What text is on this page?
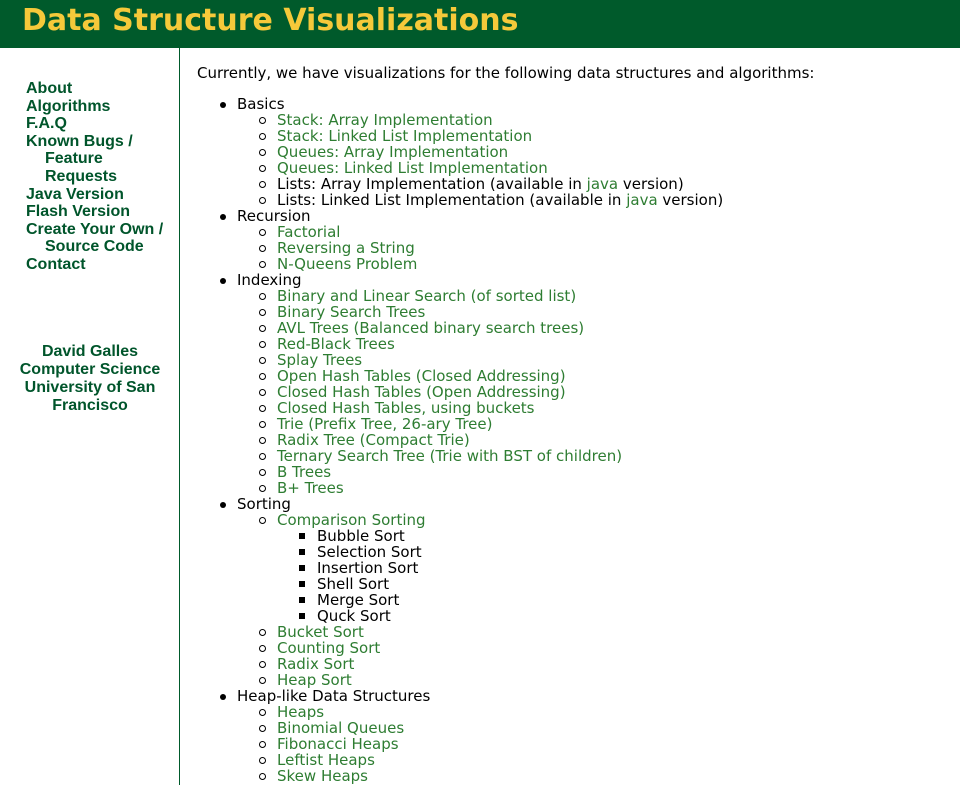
Data Structure Visualizations
About
Algorithms
F.A.Q
Known Bugs / Feature Requests
Java Version
Flash Version
Create Your Own / Source Code
Contact
David Galles
Computer Science
University of San Francisco

Currently, we have visualizations for the following data structures and algorithms:

Basics
Stack: Array Implementation
Stack: Linked List Implementation
Queues: Array Implementation
Queues: Linked List Implementation
Lists: Array Implementation (available in java version)
Lists: Linked List Implementation (available in java version)
Recursion
Factorial
Reversing a String
N-Queens Problem
Indexing
Binary and Linear Search (of sorted list)
Binary Search Trees
AVL Trees (Balanced binary search trees)
Red-Black Trees
Splay Trees
Open Hash Tables (Closed Addressing)
Closed Hash Tables (Open Addressing)
Closed Hash Tables, using buckets
Trie (Prefix Tree, 26-ary Tree)
Radix Tree (Compact Trie)
Ternary Search Tree (Trie with BST of children)
B Trees
B+ Trees
Sorting
Comparison Sorting
Bubble Sort
Selection Sort
Insertion Sort
Shell Sort
Merge Sort
Quck Sort
Bucket Sort
Counting Sort
Radix Sort
Heap Sort
Heap-like Data Structures
Heaps
Binomial Queues
Fibonacci Heaps
Leftist Heaps
Skew Heaps
